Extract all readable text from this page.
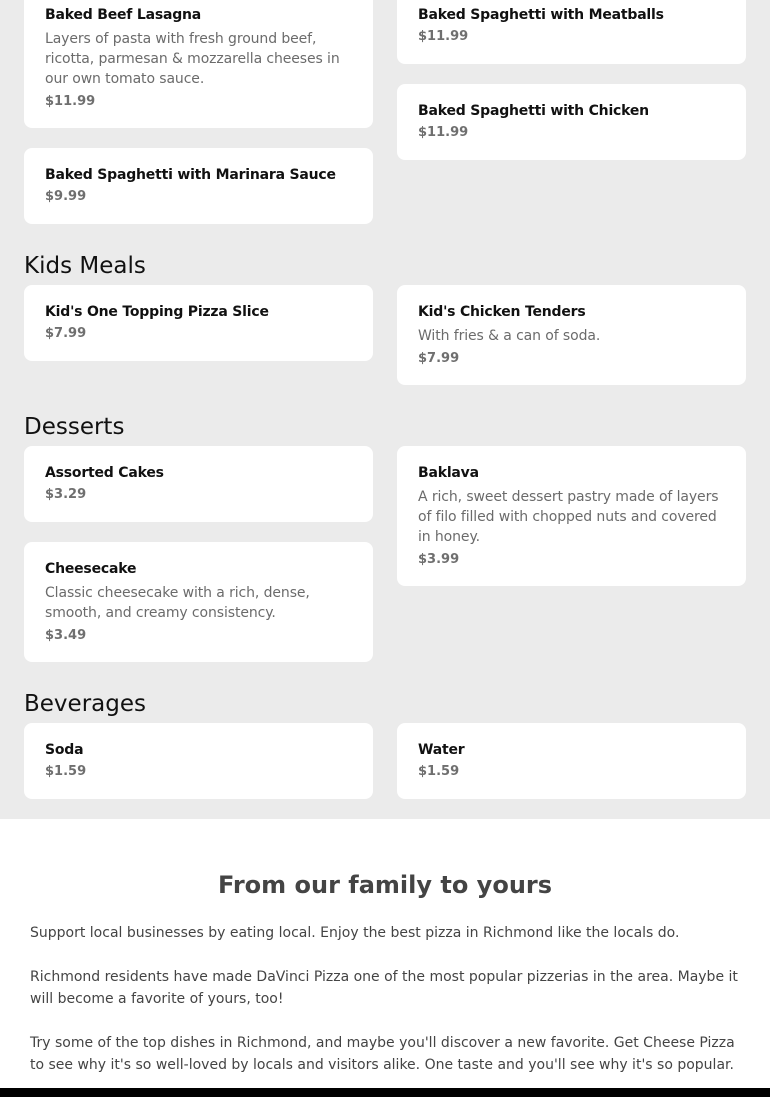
Baked Beef Lasagna
Layers of pasta with fresh ground beef, ricotta, parmesan & mozzarella cheeses in our own tomato sauce.
$11.99
Baked Spaghetti with Meatballs
$11.99
Baked Spaghetti with Chicken
$11.99
Baked Spaghetti with Marinara Sauce
$9.99
Kids Meals
Kid's One Topping Pizza Slice
$7.99
Kid's Chicken Tenders
With fries & a can of soda.
$7.99
Desserts
Assorted Cakes
$3.29
Baklava
A rich, sweet dessert pastry made of layers of filo filled with chopped nuts and covered in honey.
$3.99
Cheesecake
Classic cheesecake with a rich, dense, smooth, and creamy consistency.
$3.49
Beverages
Soda
$1.59
Water
$1.59
From our family to yours

Support local businesses by eating local. Enjoy the best pizza in Richmond like the locals do.

Richmond residents have made DaVinci Pizza one of the most popular pizzerias in the area. Maybe it will become a favorite of yours, too!

Try some of the top dishes in Richmond, and maybe you'll discover a new favorite. Get Cheese Pizza to see why it's so well-loved by locals and visitors alike. One taste and you'll see why it's so popular.
